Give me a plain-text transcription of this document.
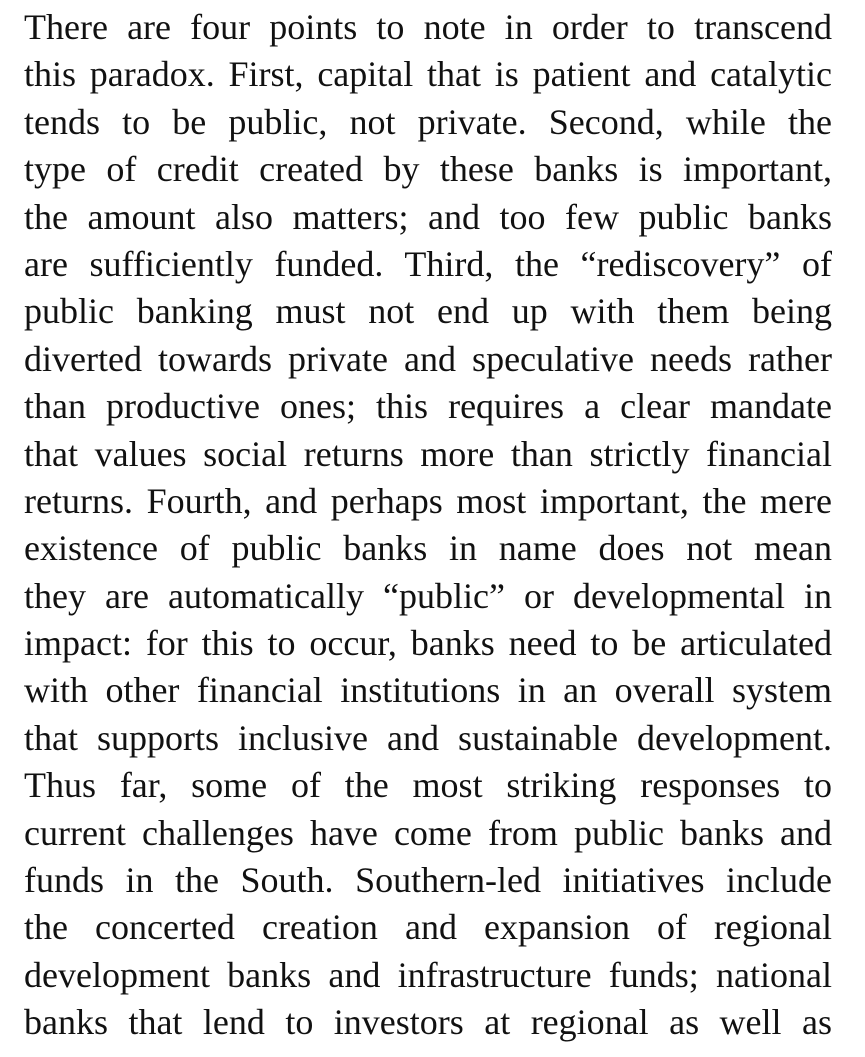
There are four points to note in order to transcend
this paradox. First, capital that is patient and catalytic
tends to be public, not private. Second, while the
type of credit created by these banks is important,
the amount also matters; and too few public banks
are sufficiently funded. Third, the “rediscovery” of
public banking must not end up with them being
diverted towards private and speculative needs rather
than productive ones; this requires a clear mandate
that values social returns more than strictly financial
returns. Fourth, and perhaps most important, the mere
existence of public banks in name does not mean
they are automatically “public” or developmental in
impact: for this to occur, banks need to be articulated
with other financial institutions in an overall system
that supports inclusive and sustainable development.
Thus far, some of the most striking responses to
current challenges have come from public banks and
funds in the South. Southern-led initiatives include
the concerted creation and expansion of regional
development banks and infrastructure funds; national
banks that lend to investors at regional as well as
